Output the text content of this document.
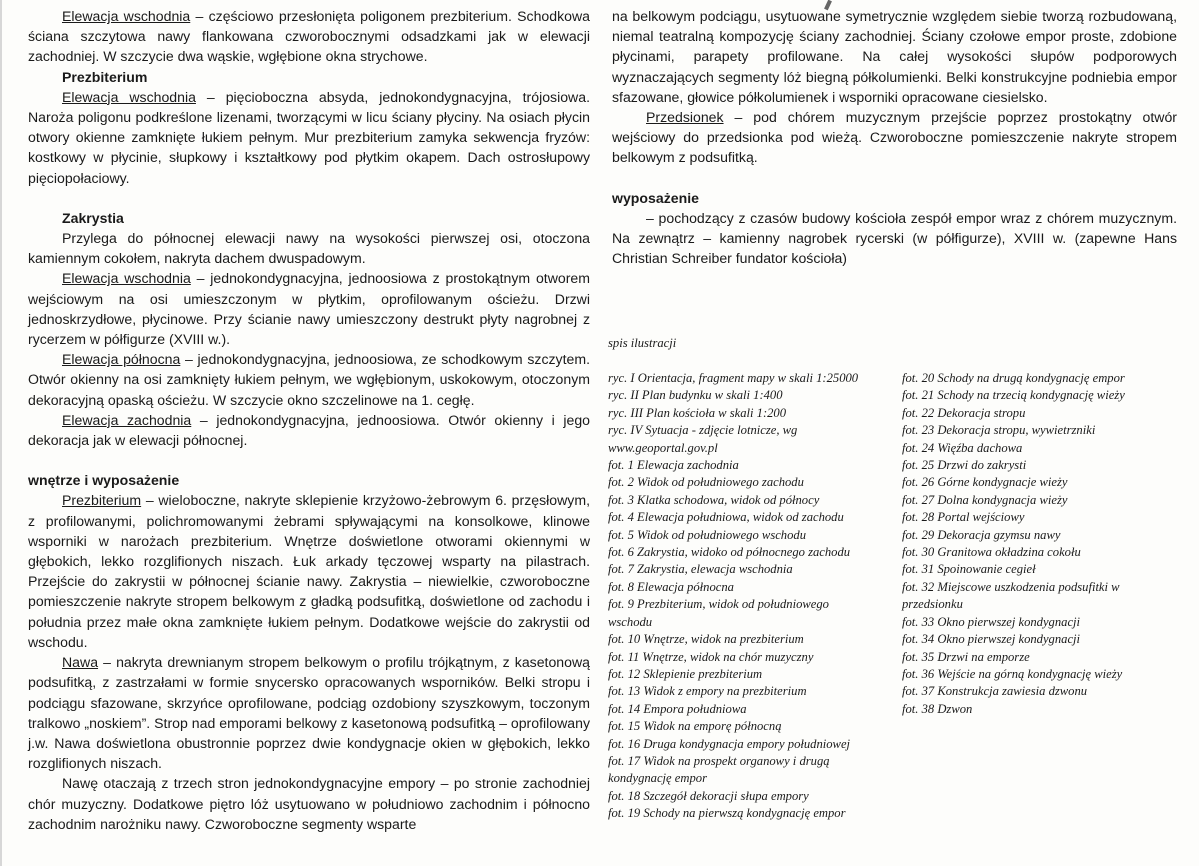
Elewacja wschodnia – częściowo przesłonięta poligonem prezbiterium. Schodkowa ściana szczytowa nawy flankowana czworobocznymi odsadzkami jak w elewacji zachodniej. W szczycie dwa wąskie, wgłębione okna strychowe.

Prezbiterium

Elewacja wschodnia – pięcioboczna absyda, jednokondygnacyjna, trójosiowa. Naroża poligonu podkreślone lizenami, tworzącymi w licu ściany płyciny. Na osiach płycin otwory okienne zamknięte łukiem pełnym. Mur prezbiterium zamyka sekwencja fryzów: kostkowy w płycinie, słupkowy i kształtkowy pod płytkim okapem. Dach ostrosłupowy pięciopołaciowy.

Zakrystia

Przylega do północnej elewacji nawy na wysokości pierwszej osi, otoczona kamiennym cokołem, nakryta dachem dwuspadowym.

Elewacja wschodnia – jednokondygnacyjna, jednoosiowa z prostokątnym otworem wejściowym na osi umieszczonym w płytkim, oprofilowanym ościeżu. Drzwi jednoskrzydłowe, płycinowe. Przy ścianie nawy umieszczony destrukt płyty nagrobnej z rycerzem w półfigurze (XVIII w.).

Elewacja północna – jednokondygnacyjna, jednoosiowa, ze schodkowym szczytem. Otwór okienny na osi zamknięty łukiem pełnym, we wgłębionym, uskokowym, otoczonym dekoracyjną opaską ościeżu. W szczycie okno szczelinowe na 1. cegłę.

Elewacja zachodnia – jednokondygnacyjna, jednoosiowa. Otwór okienny i jego dekoracja jak w elewacji północnej.

wnętrze i wyposażenie

Prezbiterium – wieloboczne, nakryte sklepienie krzyżowo-żebrowym 6. przęsłowym, z profilowanymi, polichromowanymi żebrami spływającymi na konsolkowe, klinowe wsporniki w narożach prezbiterium. Wnętrze doświetlone otworami okiennymi w głębokich, lekko rozglifionych niszach. Łuk arkady tęczowej wsparty na pilastrach. Przejście do zakrystii w północnej ścianie nawy. Zakrystia – niewielkie, czworoboczne pomieszczenie nakryte stropem belkowym z gładką podsufitką, doświetlone od zachodu i południa przez małe okna zamknięte łukiem pełnym. Dodatkowe wejście do zakrystii od wschodu.

Nawa – nakryta drewnianym stropem belkowym o profilu trójkątnym, z kasetonową podsufitką, z zastrzałami w formie snycersko opracowanych wsporników. Belki stropu i podciągu sfazowane, skrzyńce oprofilowane, podciąg ozdobiony szyszkowym, toczonym tralkowo „noskiem”. Strop nad emporami belkowy z kasetonową podsufitką – oprofilowany j.w. Nawa doświetlona obustronnie poprzez dwie kondygnacje okien w głębokich, lekko rozglifionych niszach.

Nawę otaczają z trzech stron jednokondygnacyjne empory – po stronie zachodniej chór muzyczny. Dodatkowe piętro lóż usytuowano w południowo zachodnim i północno zachodnim narożniku nawy. Czworoboczne segmenty wsparte

na belkowym podciągu, usytuowane symetrycznie względem siebie tworzą rozbudowaną, niemal teatralną kompozycję ściany zachodniej. Ściany czołowe empor proste, zdobione płycinami, parapety profilowane. Na całej wysokości słupów podporowych wyznaczających segmenty lóż biegną półkolumienki. Belki konstrukcyjne podniebia empor sfazowane, głowice półkolumienek i wsporniki opracowane ciesielsko.

Przedsionek – pod chórem muzycznym przejście poprzez prostokątny otwór wejściowy do przedsionka pod wieżą. Czworoboczne pomieszczenie nakryte stropem belkowym z podsufitką.

wyposażenie

– pochodzący z czasów budowy kościoła zespół empor wraz z chórem muzycznym. Na zewnątrz – kamienny nagrobek rycerski (w półfigurze), XVIII w. (zapewne Hans Christian Schreiber fundator kościoła)

spis ilustracji

ryc. I Orientacja, fragment mapy w skali 1:25000

ryc. II Plan budynku w skali 1:400

ryc. III Plan kościoła w skali 1:200

ryc. IV Sytuacja - zdjęcie lotnicze, wg

www.geoportal.gov.pl

fot. 1 Elewacja zachodnia

fot. 2 Widok od południowego zachodu

fot. 3 Klatka schodowa, widok od północy

fot. 4 Elewacja południowa, widok od zachodu

fot. 5 Widok od południowego wschodu

fot. 6 Zakrystia, widoko od północnego zachodu

fot. 7 Zakrystia, elewacja wschodnia

fot. 8 Elewacja północna

fot. 9 Prezbiterium, widok od południowego

wschodu

fot. 10 Wnętrze, widok na prezbiterium

fot. 11 Wnętrze, widok na chór muzyczny

fot. 12 Sklepienie prezbiterium

fot. 13 Widok z empory na prezbiterium

fot. 14 Empora południowa

fot. 15 Widok na emporę północną

fot. 16 Druga kondygnacja empory południowej

fot. 17 Widok na prospekt organowy i drugą

kondygnację empor

fot. 18 Szczegół dekoracji słupa empory

fot. 19 Schody na pierwszą kondygnację empor

fot. 20 Schody na drugą kondygnację empor

fot. 21 Schody na trzecią kondygnację wieży

fot. 22 Dekoracja stropu

fot. 23 Dekoracja stropu, wywietrzniki

fot. 24 Więźba dachowa

fot. 25 Drzwi do zakrysti

fot. 26 Górne kondygnacje wieży

fot. 27 Dolna kondygnacja wieży

fot. 28 Portal wejściowy

fot. 29 Dekoracja gzymsu nawy

fot. 30 Granitowa okładzina cokołu

fot. 31 Spoinowanie cegieł

fot. 32 Miejscowe uszkodzenia podsufitki w

przedsionku

fot. 33 Okno pierwszej kondygnacji

fot. 34 Okno pierwszej kondygnacji

fot. 35 Drzwi na emporze

fot. 36 Wejście na górną kondygnację wieży

fot. 37 Konstrukcja zawiesia dzwonu

fot. 38 Dzwon
